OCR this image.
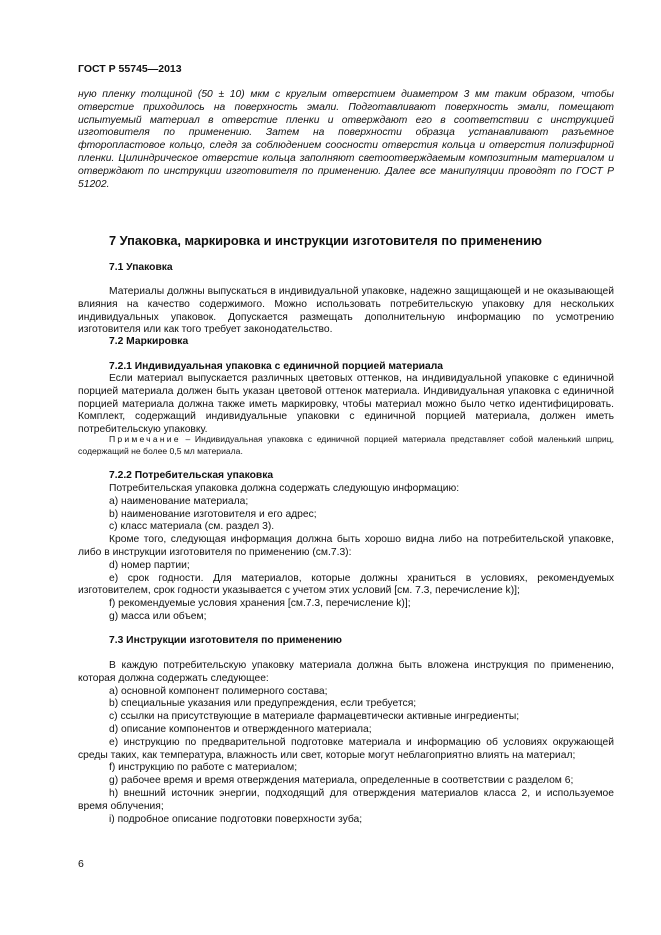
ГОСТ Р 55745—2013

ную пленку толщиной (50 ± 10) мкм с круглым отверстием диаметром 3 мм таким образом, чтобы отверстие приходилось на поверхность эмали. Подготавливают поверхность эмали, помещают испытуемый материал в отверстие пленки и отверждают его в соответствии с инструкцией изготовителя по применению. Затем на поверхности образца устанавливают разъемное фторопластовое кольцо, следя за соблюдением соосности отверстия кольца и отверстия полиэфирной пленки. Цилиндрическое отверстие кольца заполняют светоотверждаемым композитным материалом и отверждают по инструкции изготовителя по применению. Далее все манипуляции проводят по ГОСТ Р 51202.

7 Упаковка, маркировка и инструкции изготовителя по применению
7.1 Упаковка

Материалы должны выпускаться в индивидуальной упаковке, надежно защищающей и не оказывающей влияния на качество содержимого. Можно использовать потребительскую упаковку для нескольких индивидуальных упаковок. Допускается размещать дополнительную информацию по усмотрению изготовителя или как того требует законодательство.

7.2 Маркировка
7.2.1 Индивидуальная упаковка с единичной порцией материала

Если материал выпускается различных цветовых оттенков, на индивидуальной упаковке с единичной порцией материала должен быть указан цветовой оттенок материала. Индивидуальная упаковка с единичной порцией материала должна также иметь маркировку, чтобы материал можно было четко идентифицировать. Комплект, содержащий индивидуальные упаковки с единичной порцией материала, должен иметь потребительскую упаковку.

Примечание – Индивидуальная упаковка с единичной порцией материала представляет собой маленький шприц, содержащий не более 0,5 мл материала.

7.2.2 Потребительская упаковка
Потребительская упаковка должна содержать следующую информацию:
a) наименование материала;
b) наименование изготовителя и его адрес;
c) класс материала (см. раздел 3).
Кроме того, следующая информация должна быть хорошо видна либо на потребительской упаковке, либо в инструкции изготовителя по применению (см.7.3):
d) номер партии;
e) срок годности. Для материалов, которые должны храниться в условиях, рекомендуемых изготовителем, срок годности указывается с учетом этих условий [см. 7.3, перечисление k)];
f) рекомендуемые условия хранения [см.7.3, перечисление k)];
g) масса или объем;
7.3 Инструкции изготовителя по применению
В каждую потребительскую упаковку материала должна быть вложена инструкция по применению, которая должна содержать следующее:
a) основной компонент полимерного состава;
b) специальные указания или предупреждения, если требуется;
c) ссылки на присутствующие в материале фармацевтически активные ингредиенты;
d) описание компонентов и отвержденного материала;
e) инструкцию по предварительной подготовке материала и информацию об условиях окружающей среды таких, как температура, влажность или свет, которые могут неблагоприятно влиять на материал;
f) инструкцию по работе с материалом;
g) рабочее время и время отверждения материала, определенные в соответствии с разделом 6;
h) внешний источник энергии, подходящий для отверждения материалов класса 2, и используемое время облучения;
i) подробное описание подготовки поверхности зуба;
6
